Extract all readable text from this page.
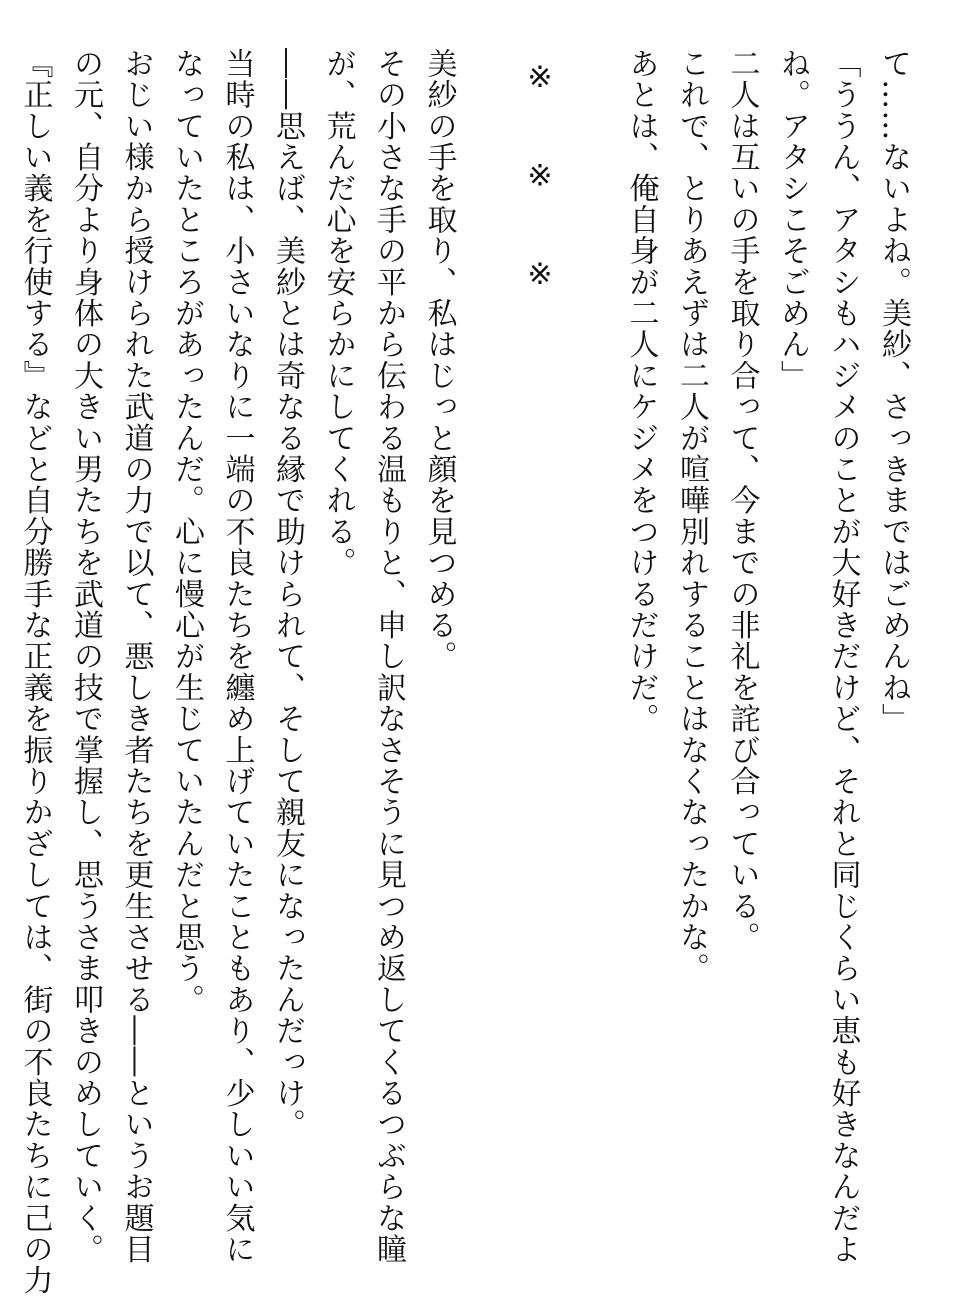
て……ないよね。美紗、さっきまではごめんね」
「ううん、アタシもハジメのことが大好きだけど、それと同じくらい恵も好きなんだよ
ね。アタシこそごめん」
二人は互いの手を取り合って、今までの非礼を詫び合っている。
これで、とりあえずは二人が喧嘩別れすることはなくなったかな。
あとは、俺自身が二人にケジメをつけるだけだ。
※　　※　　※
美紗の手を取り、私はじっと顔を見つめる。
その小さな手の平から伝わる温もりと、申し訳なさそうに見つめ返してくるつぶらな瞳
が、荒んだ心を安らかにしてくれる。
――思えば、美紗とは奇なる縁で助けられて、そして親友になったんだっけ。
当時の私は、小さいなりに一端の不良たちを纏め上げていたこともあり、少しいい気に
なっていたところがあったんだ。心に慢心が生じていたんだと思う。
おじい様から授けられた武道の力で以て、悪しき者たちを更生させる――というお題目
の元、自分より身体の大きい男たちを武道の技で掌握し、思うさま叩きのめしていく。
『正しい義を行使する』などと自分勝手な正義を振りかざしては、街の不良たちに己の力
